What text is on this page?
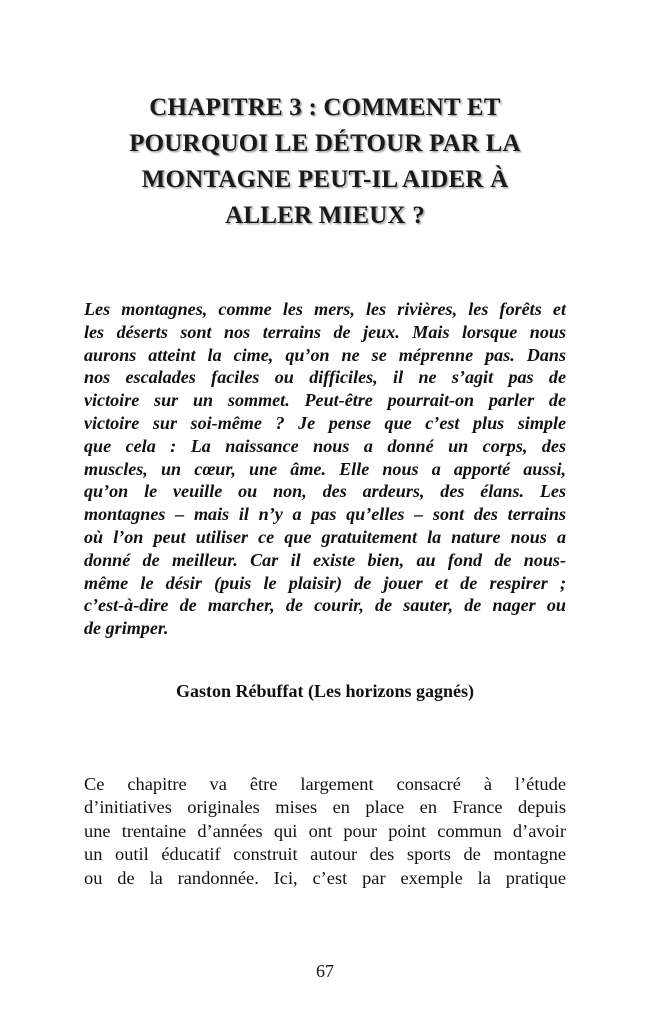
CHAPITRE 3 : COMMENT ET
POURQUOI LE DÉTOUR PAR LA
MONTAGNE PEUT-IL AIDER À
ALLER MIEUX ?
Les montagnes, comme les mers, les rivières, les forêts et
les déserts sont nos terrains de jeux. Mais lorsque nous
aurons atteint la cime, qu’on ne se méprenne pas. Dans
nos escalades faciles ou difficiles, il ne s’agit pas de
victoire sur un sommet. Peut-être pourrait-on parler de
victoire sur soi-même ? Je pense que c’est plus simple
que cela : La naissance nous a donné un corps, des
muscles, un cœur, une âme. Elle nous a apporté aussi,
qu’on le veuille ou non, des ardeurs, des élans. Les
montagnes – mais il n’y a pas qu’elles – sont des terrains
où l’on peut utiliser ce que gratuitement la nature nous a
donné de meilleur. Car il existe bien, au fond de nous-
même le désir (puis le plaisir) de jouer et de respirer ;
c’est-à-dire de marcher, de courir, de sauter, de nager ou
de grimper.

Gaston Rébuffat (Les horizons gagnés)

Ce chapitre va être largement consacré à l’étude
d’initiatives originales mises en place en France depuis
une trentaine d’années qui ont pour point commun d’avoir
un outil éducatif construit autour des sports de montagne
ou de la randonnée. Ici, c’est par exemple la pratique

67
